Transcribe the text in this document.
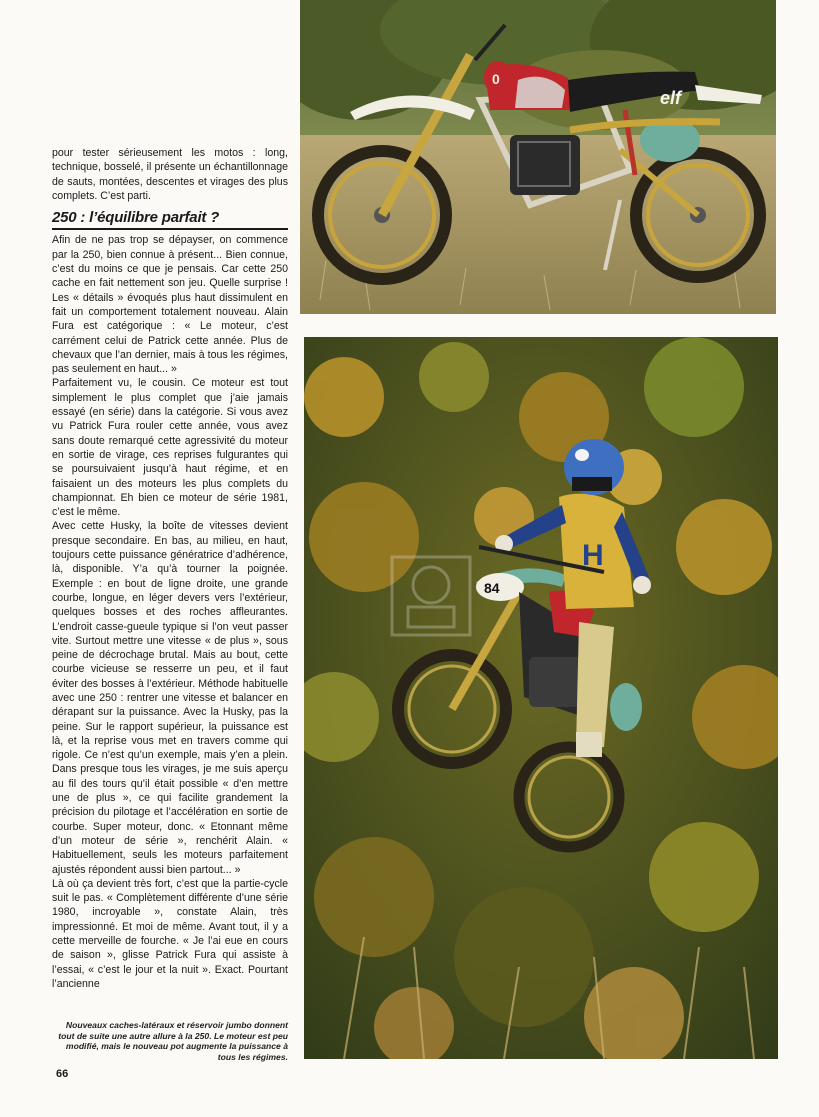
pour tester sérieusement les motos : long, technique, bosselé, il présente un échantillonnage de sauts, montées, descentes et virages des plus complets. C’est parti.

250 : l’équilibre parfait ?

Afin de ne pas trop se dépayser, on commence par la 250, bien connue à présent... Bien connue, c’est du moins ce que je pensais. Car cette 250 cache en fait nettement son jeu. Quelle surprise ! Les « détails » évoqués plus haut dissimulent en fait un comportement totalement nouveau. Alain Fura est catégorique : « Le moteur, c’est carrément celui de Patrick cette année. Plus de chevaux que l’an dernier, mais à tous les régimes, pas seulement en haut... »

Parfaitement vu, le cousin. Ce moteur est tout simplement le plus complet que j’aie jamais essayé (en série) dans la catégorie. Si vous avez vu Patrick Fura rouler cette année, vous avez sans doute remarqué cette agressivité du moteur en sortie de virage, ces reprises fulgurantes qui se poursuivaient jusqu’à haut régime, et en faisaient un des moteurs les plus complets du championnat. Eh bien ce moteur de série 1981, c’est le même.

Avec cette Husky, la boîte de vitesses devient presque secondaire. En bas, au milieu, en haut, toujours cette puissance génératrice d’adhérence, là, disponible. Y’a qu’à tourner la poignée. Exemple : en bout de ligne droite, une grande courbe, longue, en léger devers vers l’extérieur, quelques bosses et des roches affleurantes. L’endroit casse-gueule typique si l’on veut passer vite. Surtout mettre une vitesse « de plus », sous peine de décrochage brutal. Mais au bout, cette courbe vicieuse se resserre un peu, et il faut éviter des bosses à l’extérieur. Méthode habituelle avec une 250 : rentrer une vitesse et balancer en dérapant sur la puissance. Avec la Husky, pas la peine. Sur le rapport supérieur, la puissance est là, et la reprise vous met en travers comme qui rigole. Ce n’est qu’un exemple, mais y’en a plein. Dans presque tous les virages, je me suis aperçu au fil des tours qu’il était possible « d’en mettre une de plus », ce qui facilite grandement la précision du pilotage et l’accélération en sortie de courbe. Super moteur, donc. « Etonnant même d’un moteur de série », renchérit Alain. « Habituellement, seuls les moteurs parfaitement ajustés répondent aussi bien partout... »

Là où ça devient très fort, c’est que la partie-cycle suit le pas. « Complètement différente d’une série 1980, incroyable », constate Alain, très impressionné. Et moi de même. Avant tout, il y a cette merveille de fourche. « Je l’ai eue en cours de saison », glisse Patrick Fura qui assiste à l’essai, « c’est le jour et la nuit ». Exact. Pourtant l’ancienne

Nouveaux caches-latéraux et réservoir jumbo donnent tout de suite une autre allure à la 250. Le moteur est peu modifié, mais le nouveau pot augmente la puissance à tous les régimes.
66
elf
0
84
H
